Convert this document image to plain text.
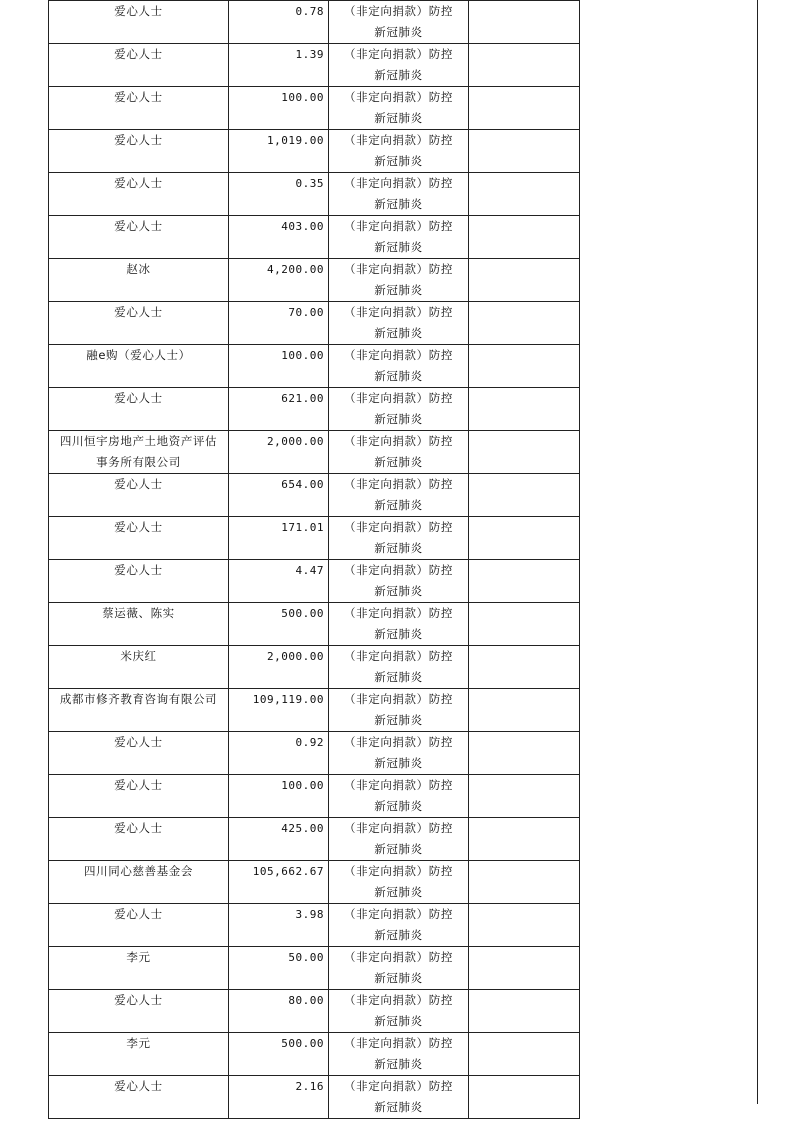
爱心人士	0.78	（非定向捐款）防控
新冠肺炎	

爱心人士	1.39	（非定向捐款）防控
新冠肺炎	

爱心人士	100.00	（非定向捐款）防控
新冠肺炎	

爱心人士	1,019.00	（非定向捐款）防控
新冠肺炎	

爱心人士	0.35	（非定向捐款）防控
新冠肺炎	

爱心人士	403.00	（非定向捐款）防控
新冠肺炎	

赵冰	4,200.00	（非定向捐款）防控
新冠肺炎	

爱心人士	70.00	（非定向捐款）防控
新冠肺炎	

融e购（爱心人士）	100.00	（非定向捐款）防控
新冠肺炎	

爱心人士	621.00	（非定向捐款）防控
新冠肺炎	

四川恒宇房地产土地资产评估事务所有限公司	2,000.00	（非定向捐款）防控
新冠肺炎	

爱心人士	654.00	（非定向捐款）防控
新冠肺炎	

爱心人士	171.01	（非定向捐款）防控
新冠肺炎	

爱心人士	4.47	（非定向捐款）防控
新冠肺炎	

蔡运薇、陈实	500.00	（非定向捐款）防控
新冠肺炎	

米庆红	2,000.00	（非定向捐款）防控
新冠肺炎	

成都市修齐教育咨询有限公司	109,119.00	（非定向捐款）防控
新冠肺炎	

爱心人士	0.92	（非定向捐款）防控
新冠肺炎	

爱心人士	100.00	（非定向捐款）防控
新冠肺炎	

爱心人士	425.00	（非定向捐款）防控
新冠肺炎	

四川同心慈善基金会	105,662.67	（非定向捐款）防控
新冠肺炎	

爱心人士	3.98	（非定向捐款）防控
新冠肺炎	

李元	50.00	（非定向捐款）防控
新冠肺炎	

爱心人士	80.00	（非定向捐款）防控
新冠肺炎	

李元	500.00	（非定向捐款）防控
新冠肺炎	

爱心人士	2.16	（非定向捐款）防控
新冠肺炎	
